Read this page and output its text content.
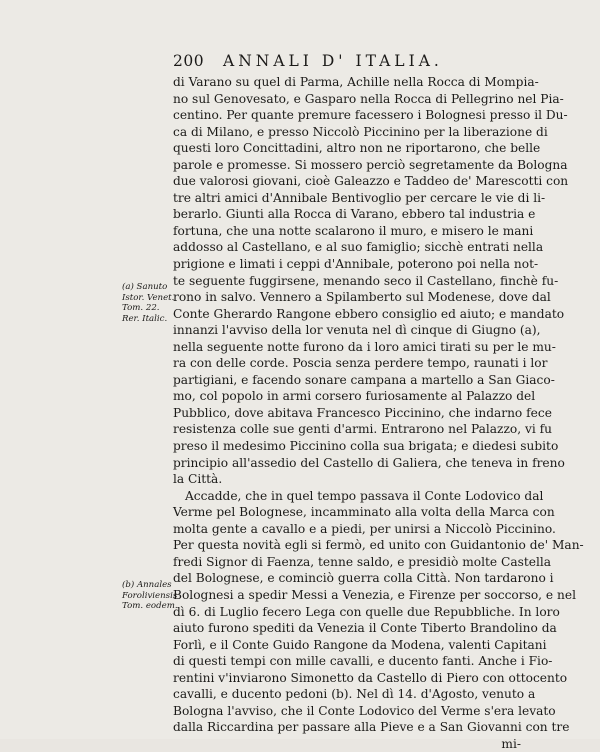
200 ANNALI D' ITALIA.
(a) Sanuto
Istor. Venet.
Tom. 22.
Rer. Italic.
(b) Annales
Foroliviensis
Tom. eodem.
di Varano su quel di Parma, Achille nella Rocca di Mompia-
no sul Genovesato, e Gasparo nella Rocca di Pellegrino nel Pia-
centino. Per quante premure facessero i Bolognesi presso il Du-
ca di Milano, e presso Niccolò Piccinino per la liberazione di
questi loro Concittadini, altro non ne riportarono, che belle
parole e promesse. Si mossero perciò segretamente da Bologna
due valorosi giovani, cioè Galeazzo e Taddeo de' Marescotti con
tre altri amici d'Annibale Bentivoglio per cercare le vie di li-
berarlo. Giunti alla Rocca di Varano, ebbero tal industria e
fortuna, che una notte scalarono il muro, e misero le mani
addosso al Castellano, e al suo famiglio; sicchè entrati nella
prigione e limati i ceppi d'Annibale, poterono poi nella not-
te seguente fuggirsene, menando seco il Castellano, finchè fu-
rono in salvo. Vennero a Spilamberto sul Modenese, dove dal
Conte Gherardo Rangone ebbero consiglio ed aiuto; e mandato
innanzi l'avviso della lor venuta nel dì cinque di Giugno (a),
nella seguente notte furono da i loro amici tirati su per le mu-
ra con delle corde. Poscia senza perdere tempo, raunati i lor
partigiani, e facendo sonare campana a martello a San Giaco-
mo, col popolo in armi corsero furiosamente al Palazzo del
Pubblico, dove abitava Francesco Piccinino, che indarno fece
resistenza colle sue genti d'armi. Entrarono nel Palazzo, vi fu
preso il medesimo Piccinino colla sua brigata; e diedesi subito
principio all'assedio del Castello di Galiera, che teneva in freno
la Città.
Accadde, che in quel tempo passava il Conte Lodovico dal
Verme pel Bolognese, incamminato alla volta della Marca con
molta gente a cavallo e a piedi, per unirsi a Niccolò Piccinino.
Per questa novità egli si fermò, ed unito con Guidantonio de' Man-
fredi Signor di Faenza, tenne saldo, e presidiò molte Castella
del Bolognese, e cominciò guerra colla Città. Non tardarono i
Bolognesi a spedir Messi a Venezia, e Firenze per soccorso, e nel
dì 6. di Luglio fecero Lega con quelle due Repubbliche. In loro
aiuto furono spediti da Venezia il Conte Tiberto Brandolino da
Forlì, e il Conte Guido Rangone da Modena, valenti Capitani
di questi tempi con mille cavalli, e ducento fanti. Anche i Fio-
rentini v'inviarono Simonetto da Castello di Piero con ottocento
cavalli, e ducento pedoni (b). Nel dì 14. d'Agosto, venuto a
Bologna l'avviso, che il Conte Lodovico del Verme s'era levato
dalla Riccardina per passare alla Pieve e a San Giovanni con tre
mi-
